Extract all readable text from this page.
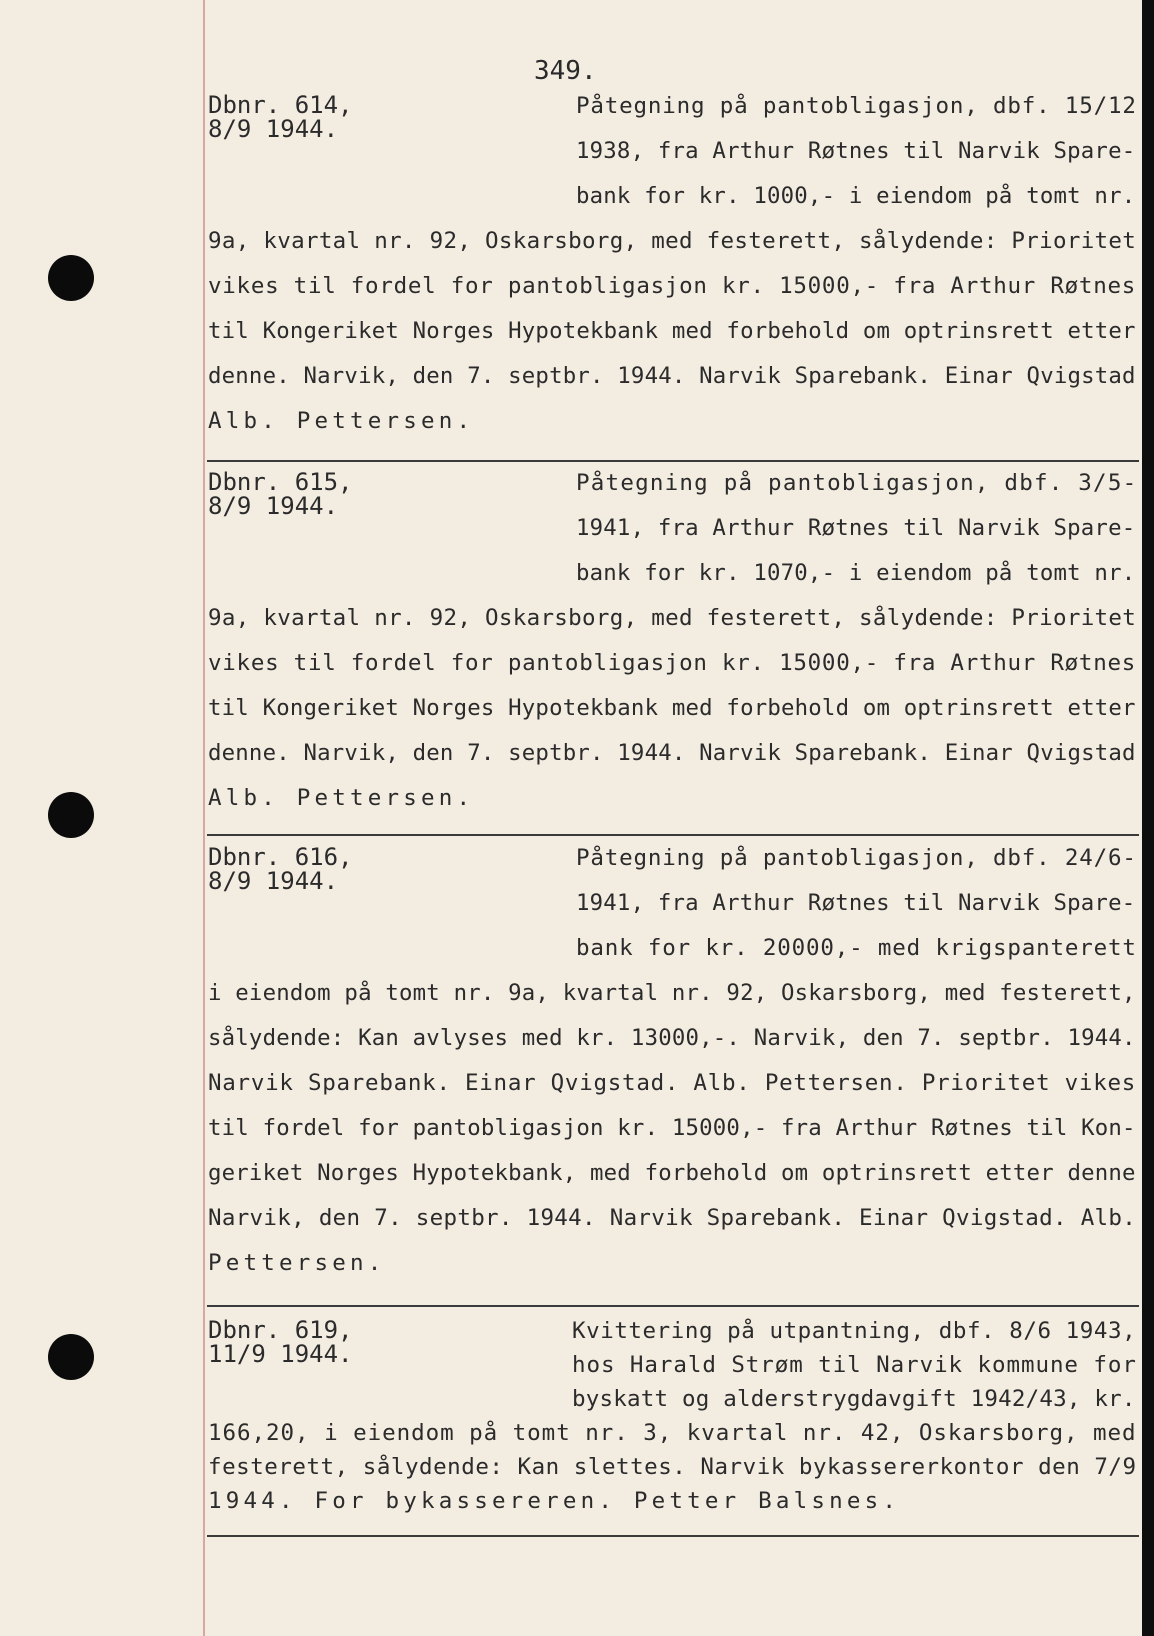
349.
Dbnr. 614,
8/9 1944.
Påtegning på pantobligasjon, dbf. 15/12
1938, fra Arthur Røtnes til Narvik Spare-
bank for kr. 1000,- i eiendom på tomt nr.
9a, kvartal nr. 92, Oskarsborg, med festerett, sålydende: Prioritet
vikes til fordel for pantobligasjon kr. 15000,- fra Arthur Røtnes
til Kongeriket Norges Hypotekbank med forbehold om optrinsrett etter
denne. Narvik, den 7. septbr. 1944. Narvik Sparebank. Einar Qvigstad
Alb. Pettersen.
Dbnr. 615,
8/9 1944.
Påtegning på pantobligasjon, dbf. 3/5-
1941, fra Arthur Røtnes til Narvik Spare-
bank for kr. 1070,- i eiendom på tomt nr.
9a, kvartal nr. 92, Oskarsborg, med festerett, sålydende: Prioritet
vikes til fordel for pantobligasjon kr. 15000,- fra Arthur Røtnes
til Kongeriket Norges Hypotekbank med forbehold om optrinsrett etter
denne. Narvik, den 7. septbr. 1944. Narvik Sparebank. Einar Qvigstad
Alb. Pettersen.
Dbnr. 616,
8/9 1944.
Påtegning på pantobligasjon, dbf. 24/6-
1941, fra Arthur Røtnes til Narvik Spare-
bank for kr. 20000,- med krigspanterett
i eiendom på tomt nr. 9a, kvartal nr. 92, Oskarsborg, med festerett,
sålydende: Kan avlyses med kr. 13000,-. Narvik, den 7. septbr. 1944.
Narvik Sparebank. Einar Qvigstad. Alb. Pettersen. Prioritet vikes
til fordel for pantobligasjon kr. 15000,- fra Arthur Røtnes til Kon-
geriket Norges Hypotekbank, med forbehold om optrinsrett etter denne
Narvik, den 7. septbr. 1944. Narvik Sparebank. Einar Qvigstad. Alb.
Pettersen.
Dbnr. 619,
11/9 1944.
Kvittering på utpantning, dbf. 8/6 1943,
hos Harald Strøm til Narvik kommune for
byskatt og alderstrygdavgift 1942/43, kr.
166,20, i eiendom på tomt nr. 3, kvartal nr. 42, Oskarsborg, med
festerett, sålydende: Kan slettes. Narvik bykassererkontor den 7/9
1944. For bykassereren. Petter Balsnes.
